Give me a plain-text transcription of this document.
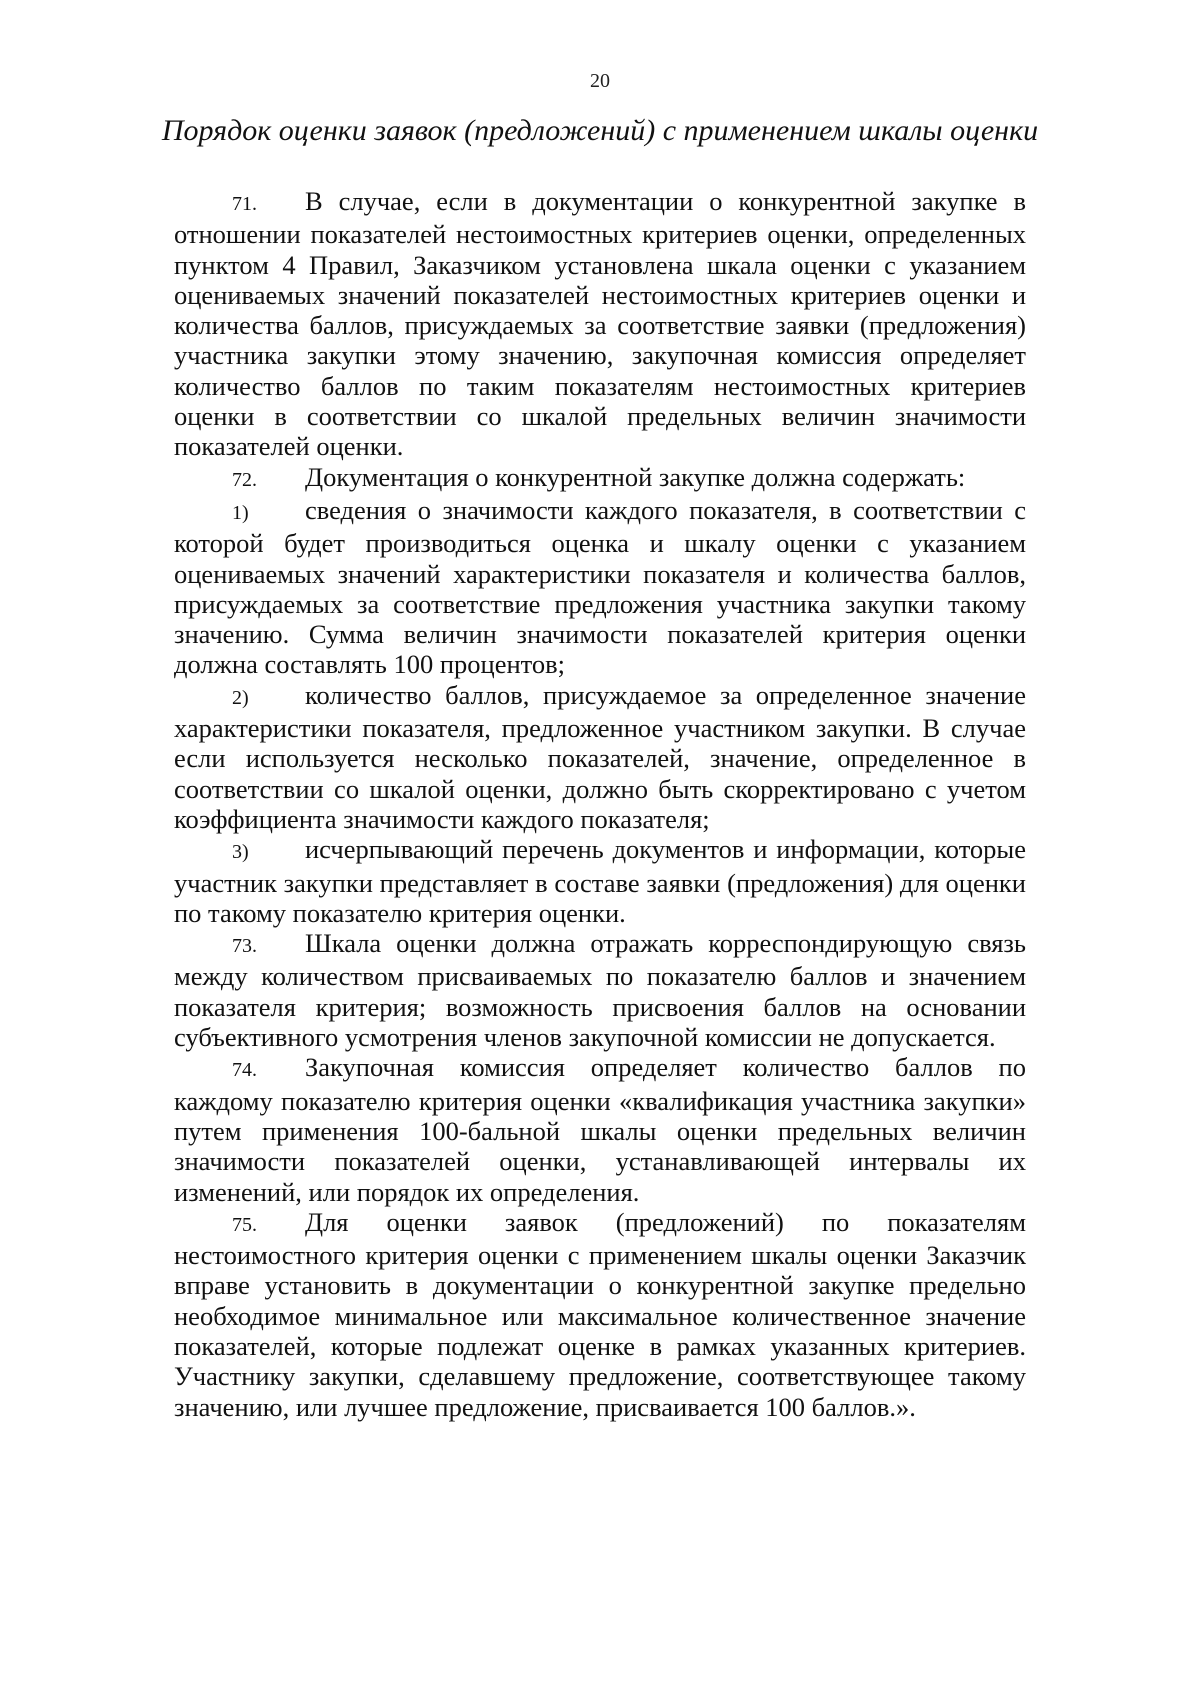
20
Порядок оценки заявок (предложений) с применением шкалы оценки

71. В случае, если в документации о конкурентной закупке в отношении показателей нестоимостных критериев оценки, определенных пунктом 4 Правил, Заказчиком установлена шкала оценки с указанием оцениваемых значений показателей нестоимостных критериев оценки и количества баллов, присуждаемых за соответствие заявки (предложения) участника закупки этому значению, закупочная комиссия определяет количество баллов по таким показателям нестоимостных критериев оценки в соответствии со шкалой предельных величин значимости показателей оценки.

72. Документация о конкурентной закупке должна содержать:

1) сведения о значимости каждого показателя, в соответствии с которой будет производиться оценка и шкалу оценки с указанием оцениваемых значений характеристики показателя и количества баллов, присуждаемых за соответствие предложения участника закупки такому значению. Сумма величин значимости показателей критерия оценки должна составлять 100 процентов;

2) количество баллов, присуждаемое за определенное значение характеристики показателя, предложенное участником закупки. В случае если используется несколько показателей, значение, определенное в соответствии со шкалой оценки, должно быть скорректировано с учетом коэффициента значимости каждого показателя;

3) исчерпывающий перечень документов и информации, которые участник закупки представляет в составе заявки (предложения) для оценки по такому показателю критерия оценки.

73. Шкала оценки должна отражать корреспондирующую связь между количеством присваиваемых по показателю баллов и значением показателя критерия; возможность присвоения баллов на основании субъективного усмотрения членов закупочной комиссии не допускается.

74. Закупочная комиссия определяет количество баллов по каждому показателю критерия оценки «квалификация участника закупки» путем применения 100-бальной шкалы оценки предельных величин значимости показателей оценки, устанавливающей интервалы их изменений, или порядок их определения.

75. Для оценки заявок (предложений) по показателям нестоимостного критерия оценки с применением шкалы оценки Заказчик вправе установить в документации о конкурентной закупке предельно необходимое минимальное или максимальное количественное значение показателей, которые подлежат оценке в рамках указанных критериев. Участнику закупки, сделавшему предложение, соответствующее такому значению, или лучшее предложение, присваивается 100 баллов.».
